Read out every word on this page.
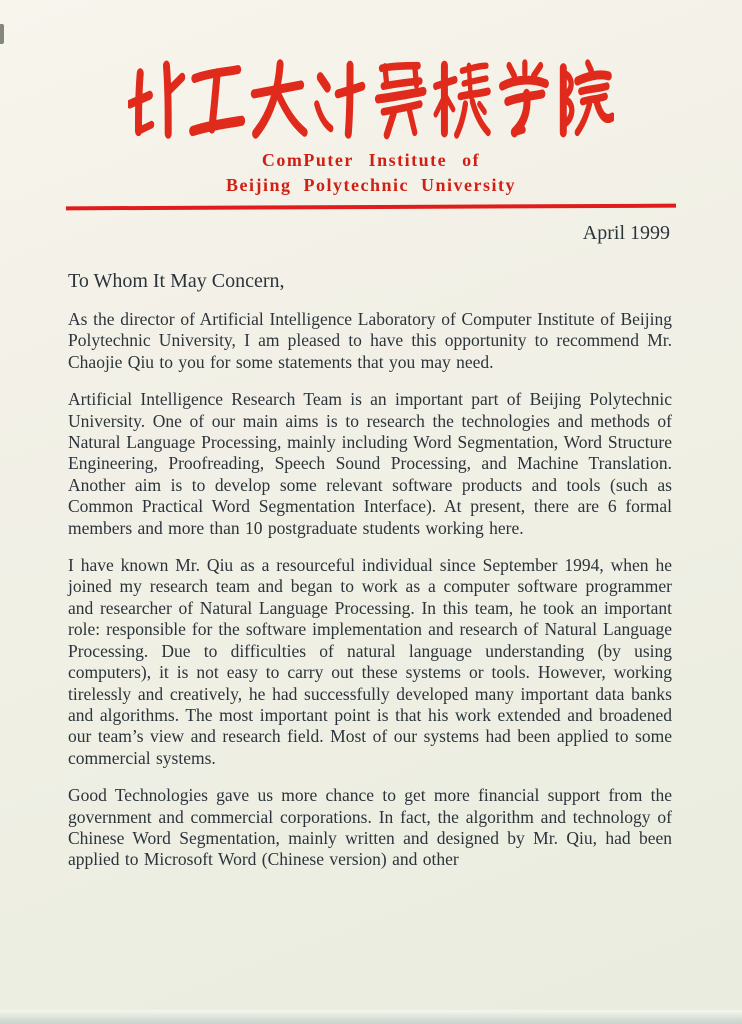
ComPuter Institute of
Beijing Polytechnic University
April 1999
To Whom It May Concern,

As the director of Artificial Intelligence Laboratory of Computer Institute of Beijing Polytechnic University, I am pleased to have this opportunity to recommend Mr. Chaojie Qiu to you for some statements that you may need.

Artificial Intelligence Research Team is an important part of Beijing Polytechnic University. One of our main aims is to research the technologies and methods of Natural Language Processing, mainly including Word Segmentation, Word Structure Engineering, Proofreading, Speech Sound Processing, and Machine Translation. Another aim is to develop some relevant software products and tools (such as Common Practical Word Segmentation Interface). At present, there are 6 formal members and more than 10 postgraduate students working here.

I have known Mr. Qiu as a resourceful individual since September 1994, when he joined my research team and began to work as a computer software programmer and researcher of Natural Language Processing. In this team, he took an important role: responsible for the software implementation and research of Natural Language Processing. Due to difficulties of natural language understanding (by using computers), it is not easy to carry out these systems or tools. However, working tirelessly and creatively, he had successfully developed many important data banks and algorithms. The most important point is that his work extended and broadened our team’s view and research field. Most of our systems had been applied to some commercial systems.

Good Technologies gave us more chance to get more financial support from the government and commercial corporations. In fact, the algorithm and technology of Chinese Word Segmentation, mainly written and designed by Mr. Qiu, had been applied to Microsoft Word (Chinese version) and other
